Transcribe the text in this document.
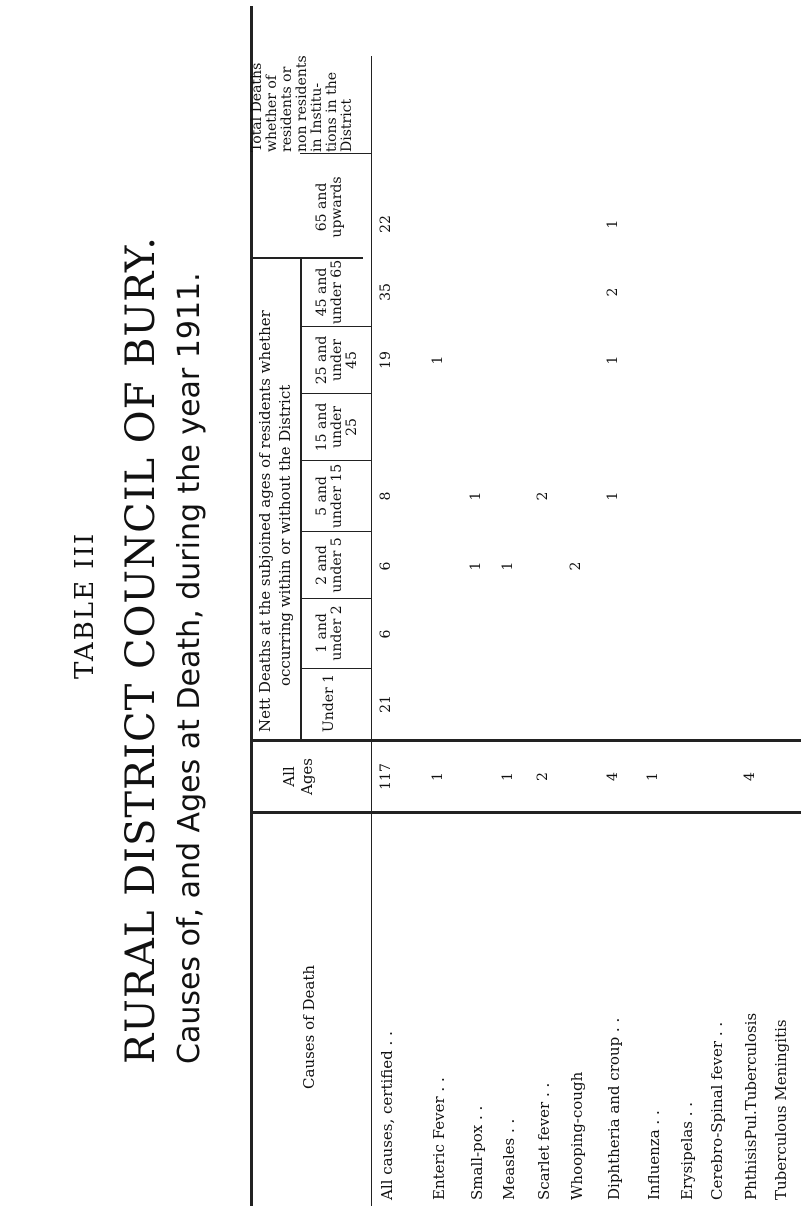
TABLE III RURAL DISTRICT COUNCIL OF BURY. Causes of, and Ages at Death, during the year 1911.	Causes of Death
All Ages
Nett Deaths at the subjoined ages of residents whether occurring within or without the District
Under 1
1 and under 2
2 and under 5
5 and under 15
15 and under 25
25 and under 45
45 and under 65
65 and upwards
Total Deaths whether of residents or non residents in Institu- tions in the District
All causes, certified . .
117
21
6
6
8
19
35
22
Enteric Fever . .
1
1
Small-pox . .
1
1
Measles . .
1
1
Scarlet fever . .
2
2
Whooping-cough
2
Diphtheria and croup . .
4
1
1
2
1
Influenza . .
1
Erysipelas . . Cerebro-Spinal fever . . PhthisisPul.Tuberculosis
4
Tuberculous Meningitis
